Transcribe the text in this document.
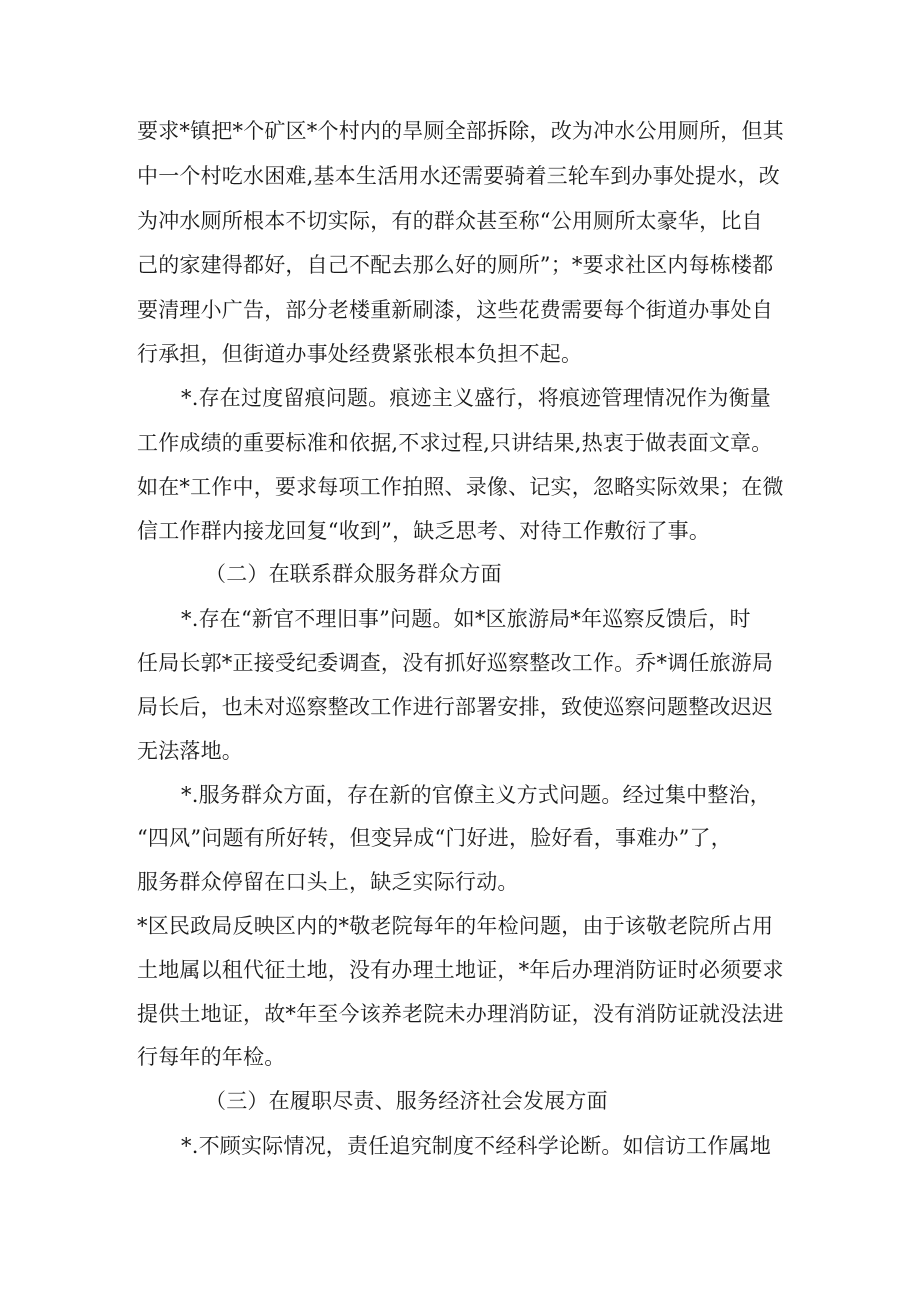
要求*镇把*个矿区*个村内的旱厕全部拆除，改为冲水公用厕所，但其
中一个村吃水困难,基本生活用水还需要骑着三轮车到办事处提水，改
为冲水厕所根本不切实际，有的群众甚至称“公用厕所太豪华，比自
己的家建得都好，自己不配去那么好的厕所”；*要求社区内每栋楼都
要清理小广告，部分老楼重新刷漆，这些花费需要每个街道办事处自
行承担，但街道办事处经费紧张根本负担不起。
*.存在过度留痕问题。痕迹主义盛行，将痕迹管理情况作为衡量
工作成绩的重要标准和依据,不求过程,只讲结果,热衷于做表面文章。
如在*工作中，要求每项工作拍照、录像、记实，忽略实际效果；在微
信工作群内接龙回复“收到”，缺乏思考、对待工作敷衍了事。
（二）在联系群众服务群众方面
*.存在“新官不理旧事”问题。如*区旅游局*年巡察反馈后，时
任局长郭*正接受纪委调查，没有抓好巡察整改工作。乔*调任旅游局
局长后，也未对巡察整改工作进行部署安排，致使巡察问题整改迟迟
无法落地。
*.服务群众方面，存在新的官僚主义方式问题。经过集中整治，
“四风”问题有所好转，但变异成“门好进，脸好看，事难办”了，
服务群众停留在口头上，缺乏实际行动。
*区民政局反映区内的*敬老院每年的年检问题，由于该敬老院所占用
土地属以租代征土地，没有办理土地证，*年后办理消防证时必须要求
提供土地证，故*年至今该养老院未办理消防证，没有消防证就没法进
行每年的年检。
（三）在履职尽责、服务经济社会发展方面
*.不顾实际情况，责任追究制度不经科学论断。如信访工作属地
